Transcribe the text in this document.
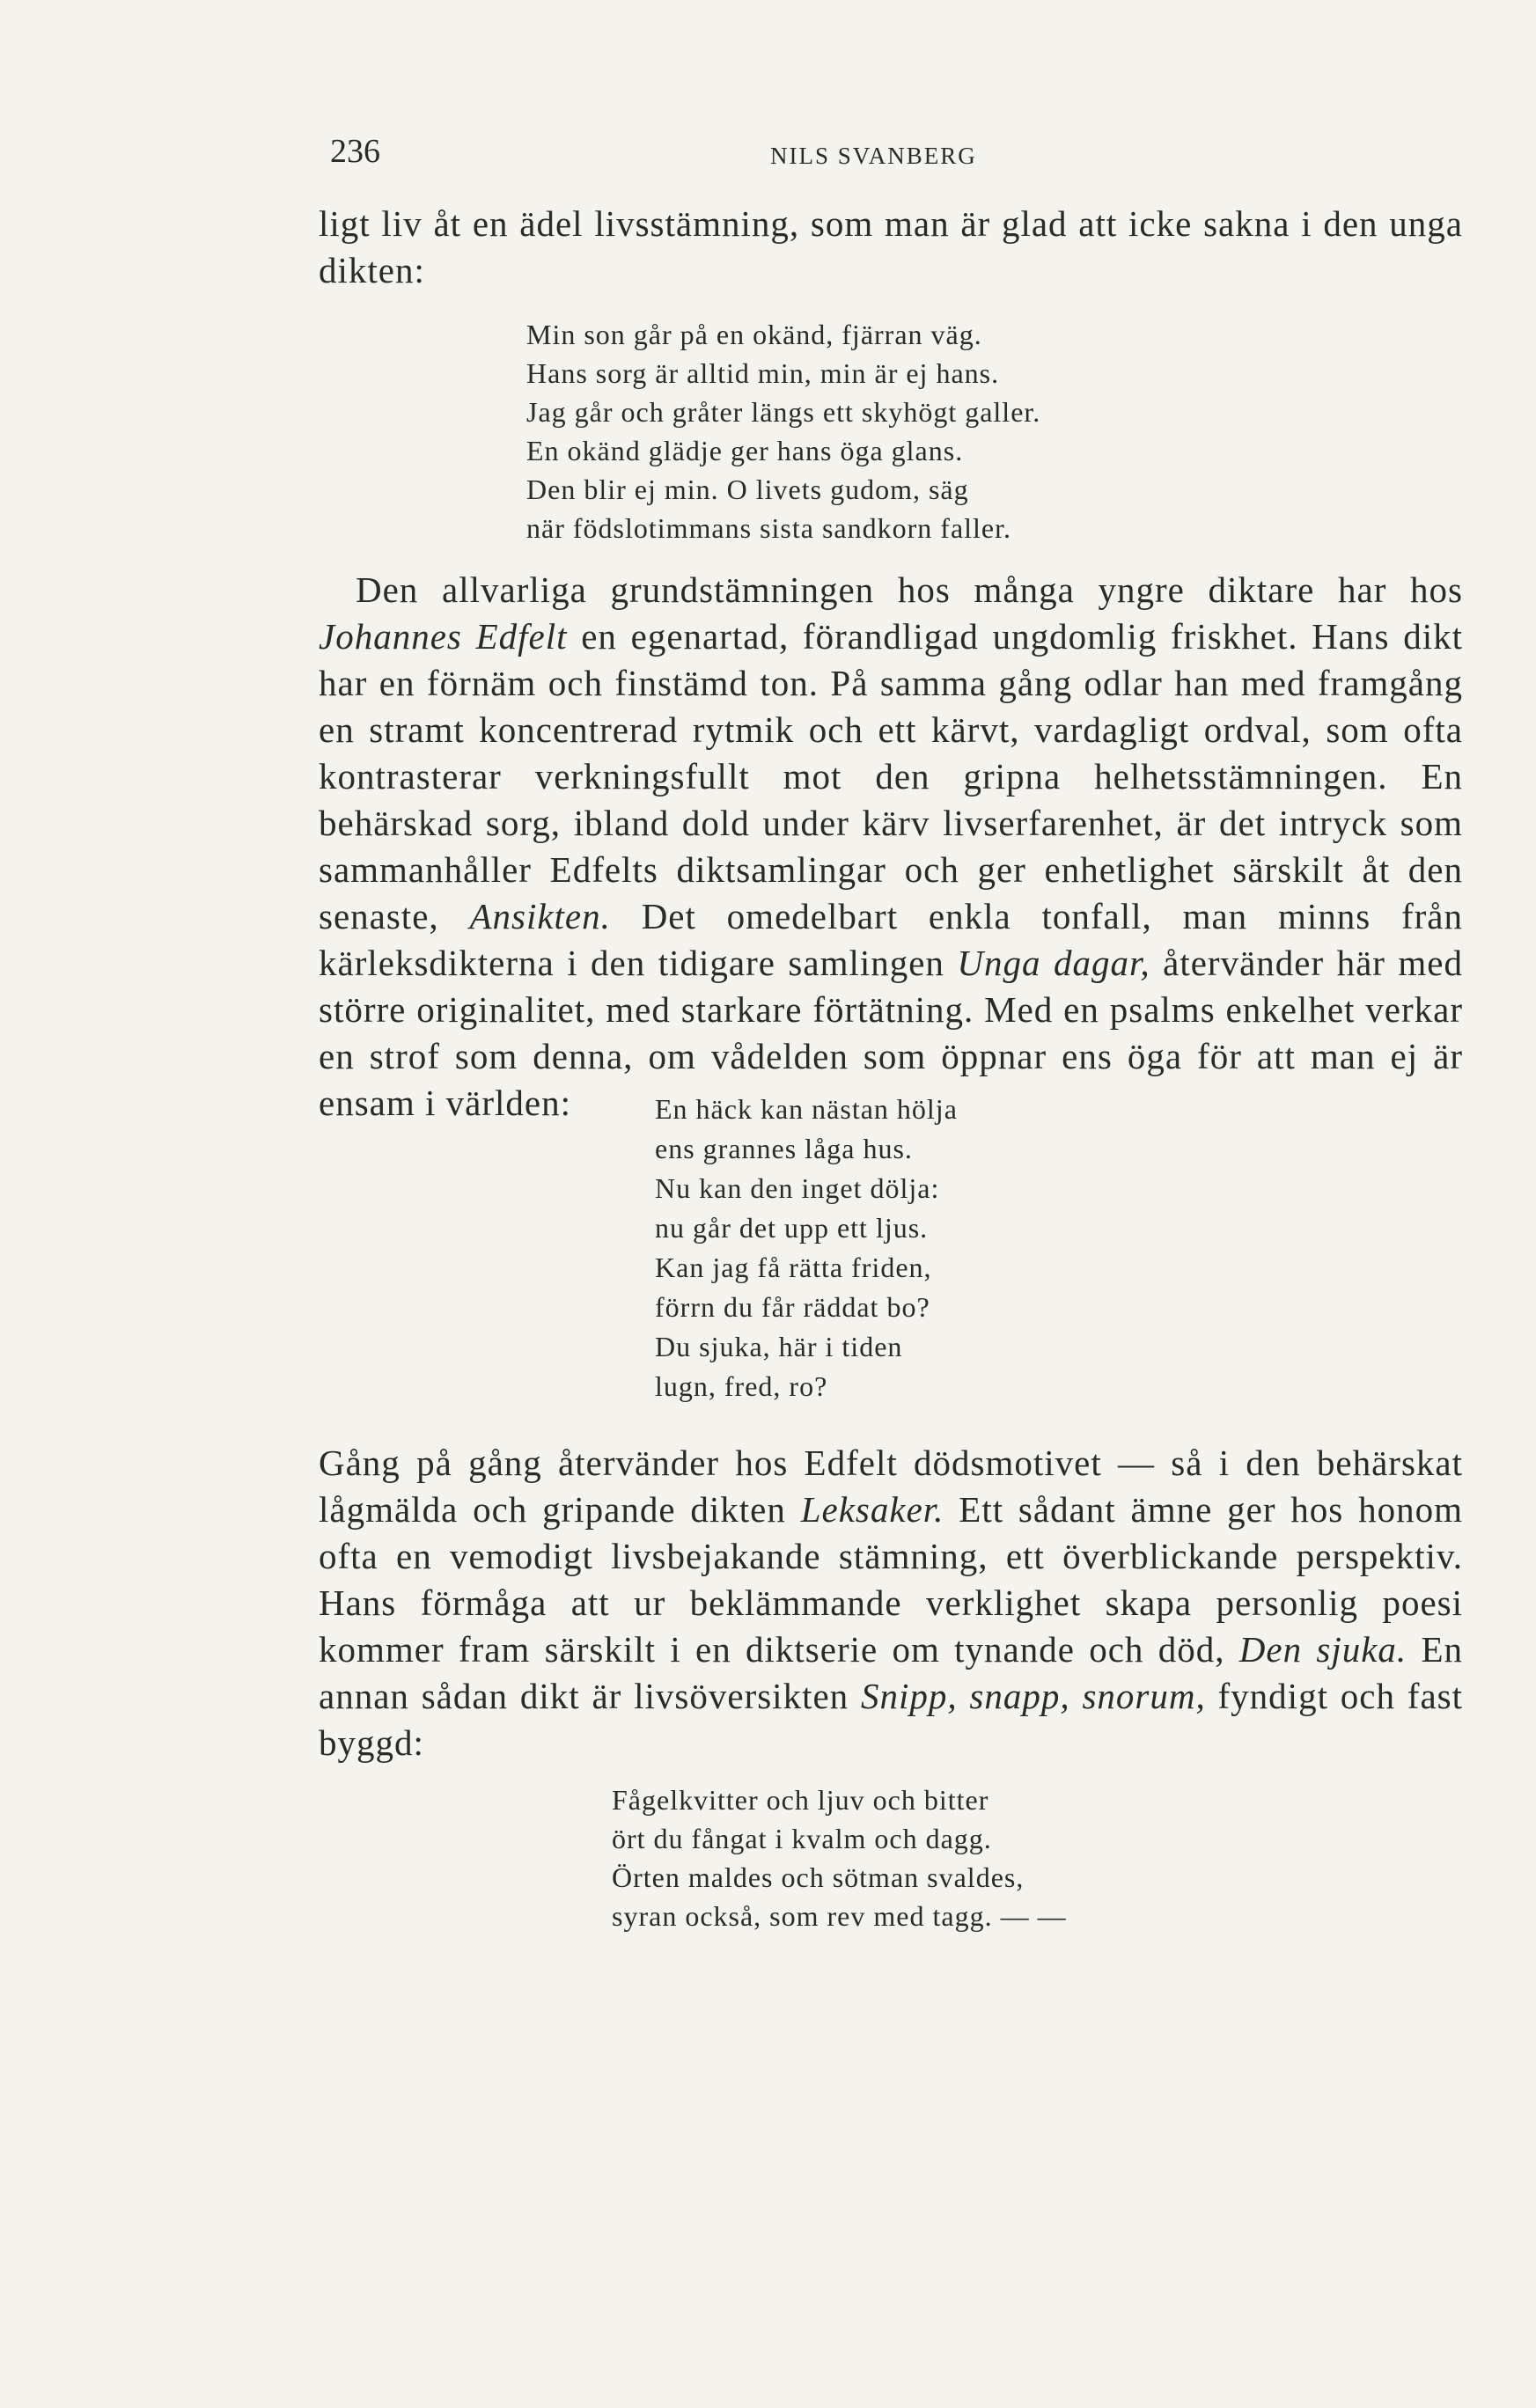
236	NILS SVANBERG

ligt liv åt en ädel livsstämning, som man är glad att icke sakna i den unga dikten:

Min son går på en okänd, fjärran väg.
Hans sorg är alltid min, min är ej hans.
Jag går och gråter längs ett skyhögt galler.
En okänd glädje ger hans öga glans.
Den blir ej min. O livets gudom, säg
när födslotimmans sista sandkorn faller.

Den allvarliga grundstämningen hos många yngre diktare har hos Johannes Edfelt en egenartad, förandligad ungdomlig friskhet. Hans dikt har en förnäm och finstämd ton. På samma gång odlar han med framgång en stramt koncentrerad rytmik och ett kärvt, vardagligt ordval, som ofta kontrasterar verkningsfullt mot den gripna helhetsstämningen. En behärskad sorg, ibland dold under kärv livserfarenhet, är det intryck som sammanhåller Edfelts diktsamlingar och ger enhetlighet särskilt åt den senaste, Ansikten. Det omedelbart enkla tonfall, man minns från kärleksdikterna i den tidigare samlingen Unga dagar, återvänder här med större originalitet, med starkare förtätning. Med en psalms enkelhet verkar en strof som denna, om vådelden som öppnar ens öga för att man ej är ensam i världen:	En häck kan nästan hölja
ens grannes låga hus.
Nu kan den inget dölja:
nu går det upp ett ljus.
Kan jag få rätta friden,
förrn du får räddat bo?
Du sjuka, här i tiden
lugn, fred, ro?

Gång på gång återvänder hos Edfelt dödsmotivet — så i den behärskat lågmälda och gripande dikten Leksaker. Ett sådant ämne ger hos honom ofta en vemodigt livsbejakande stämning, ett överblickande perspektiv. Hans förmåga att ur beklämmande verklighet skapa personlig poesi kommer fram särskilt i en diktserie om tynande och död, Den sjuka. En annan sådan dikt är livsöversikten Snipp, snapp, snorum, fyndigt och fast byggd:

Fågelkvitter och ljuv och bitter
ört du fångat i kvalm och dagg.
Örten maldes och sötman svaldes,
syran också, som rev med tagg. — —
